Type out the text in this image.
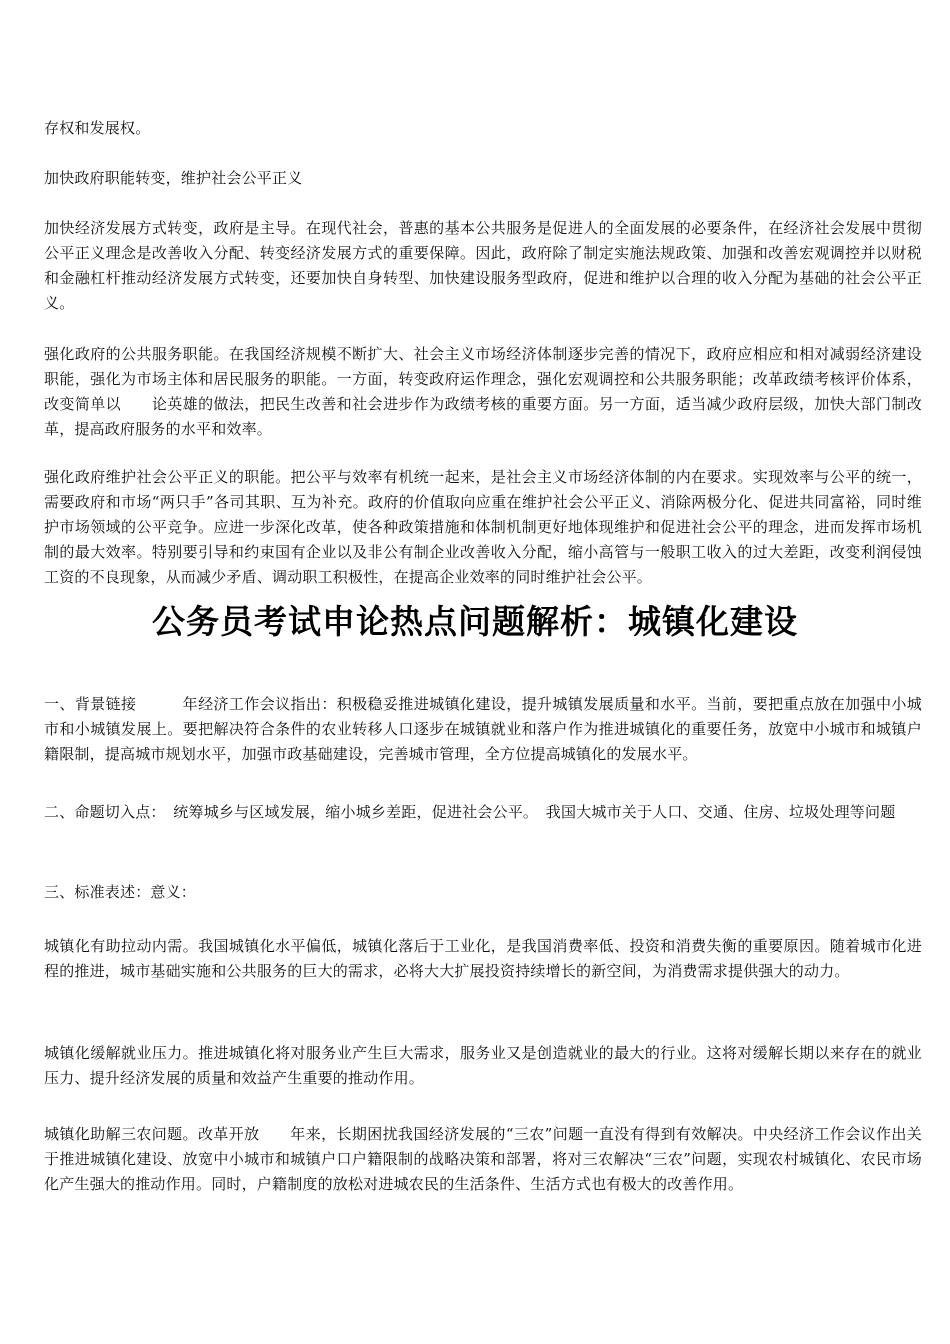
存权和发展权。

加快政府职能转变，维护社会公平正义

加快经济发展方式转变，政府是主导。在现代社会，普惠的基本公共服务是促进人的全面发展的必要条件，在经济社会发展中贯彻公平正义理念是改善收入分配、转变经济发展方式的重要保障。因此，政府除了制定实施法规政策、加强和改善宏观调控并以财税和金融杠杆推动经济发展方式转变，还要加快自身转型、加快建设服务型政府，促进和维护以合理的收入分配为基础的社会公平正义。

强化政府的公共服务职能。在我国经济规模不断扩大、社会主义市场经济体制逐步完善的情况下，政府应相应和相对减弱经济建设职能，强化为市场主体和居民服务的职能。一方面，转变政府运作理念，强化宏观调控和公共服务职能；改革政绩考核评价体系，改变简单以　　论英雄的做法，把民生改善和社会进步作为政绩考核的重要方面。另一方面，适当减少政府层级，加快大部门制改革，提高政府服务的水平和效率。

强化政府维护社会公平正义的职能。把公平与效率有机统一起来，是社会主义市场经济体制的内在要求。实现效率与公平的统一，需要政府和市场“两只手”各司其职、互为补充。政府的价值取向应重在维护社会公平正义、消除两极分化、促进共同富裕，同时维护市场领域的公平竞争。应进一步深化改革，使各种政策措施和体制机制更好地体现维护和促进社会公平的理念，进而发挥市场机制的最大效率。特别要引导和约束国有企业以及非公有制企业改善收入分配，缩小高管与一般职工收入的过大差距，改变利润侵蚀工资的不良现象，从而减少矛盾、调动职工积极性，在提高企业效率的同时维护社会公平。

公务员考试申论热点问题解析：城镇化建设

一、背景链接　　　年经济工作会议指出：积极稳妥推进城镇化建设，提升城镇发展质量和水平。当前，要把重点放在加强中小城市和小城镇发展上。要把解决符合条件的农业转移人口逐步在城镇就业和落户作为推进城镇化的重要任务，放宽中小城市和城镇户籍限制，提高城市规划水平，加强市政基础建设，完善城市管理，全方位提高城镇化的发展水平。

二、命题切入点：　统筹城乡与区域发展，缩小城乡差距，促进社会公平。　我国大城市关于人口、交通、住房、垃圾处理等问题

三、标准表述：意义：

城镇化有助拉动内需。我国城镇化水平偏低，城镇化落后于工业化，是我国消费率低、投资和消费失衡的重要原因。随着城市化进程的推进，城市基础实施和公共服务的巨大的需求，必将大大扩展投资持续增长的新空间，为消费需求提供强大的动力。

城镇化缓解就业压力。推进城镇化将对服务业产生巨大需求，服务业又是创造就业的最大的行业。这将对缓解长期以来存在的就业压力、提升经济发展的质量和效益产生重要的推动作用。

城镇化助解三农问题。改革开放　　年来，长期困扰我国经济发展的“三农”问题一直没有得到有效解决。中央经济工作会议作出关于推进城镇化建设、放宽中小城市和城镇户口户籍限制的战略决策和部署，将对三农解决“三农”问题，实现农村城镇化、农民市场化产生强大的推动作用。同时，户籍制度的放松对进城农民的生活条件、生活方式也有极大的改善作用。
